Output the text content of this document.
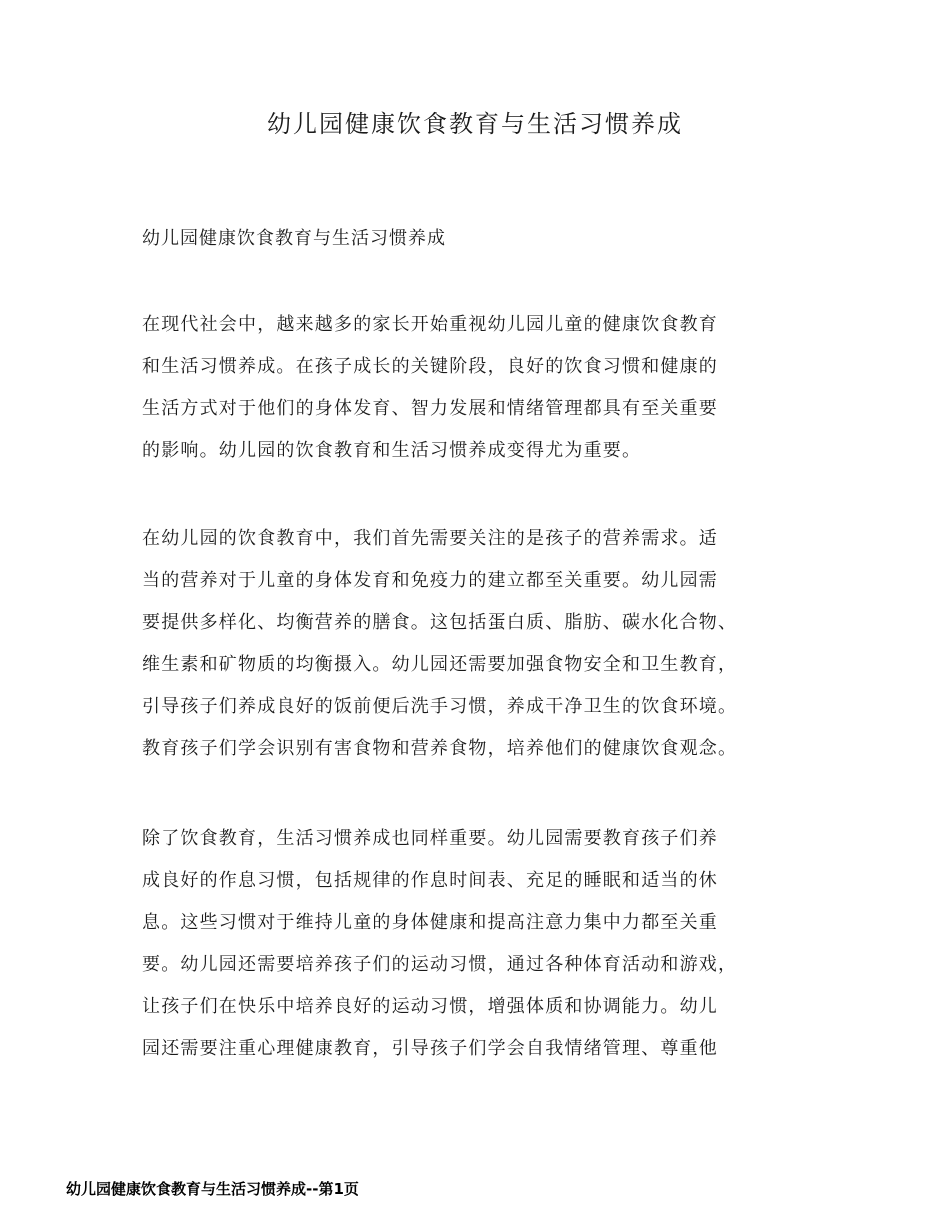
幼儿园健康饮食教育与生活习惯养成
幼儿园健康饮食教育与生活习惯养成
在现代社会中，越来越多的家长开始重视幼儿园儿童的健康饮食教育
和生活习惯养成。在孩子成长的关键阶段，良好的饮食习惯和健康的
生活方式对于他们的身体发育、智力发展和情绪管理都具有至关重要
的影响。幼儿园的饮食教育和生活习惯养成变得尤为重要。
在幼儿园的饮食教育中，我们首先需要关注的是孩子的营养需求。适
当的营养对于儿童的身体发育和免疫力的建立都至关重要。幼儿园需
要提供多样化、均衡营养的膳食。这包括蛋白质、脂肪、碳水化合物、
维生素和矿物质的均衡摄入。幼儿园还需要加强食物安全和卫生教育，
引导孩子们养成良好的饭前便后洗手习惯，养成干净卫生的饮食环境。
教育孩子们学会识别有害食物和营养食物，培养他们的健康饮食观念。
除了饮食教育，生活习惯养成也同样重要。幼儿园需要教育孩子们养
成良好的作息习惯，包括规律的作息时间表、充足的睡眠和适当的休
息。这些习惯对于维持儿童的身体健康和提高注意力集中力都至关重
要。幼儿园还需要培养孩子们的运动习惯，通过各种体育活动和游戏，
让孩子们在快乐中培养良好的运动习惯，增强体质和协调能力。幼儿
园还需要注重心理健康教育，引导孩子们学会自我情绪管理、尊重他
幼儿园健康饮食教育与生活习惯养成--第1页
